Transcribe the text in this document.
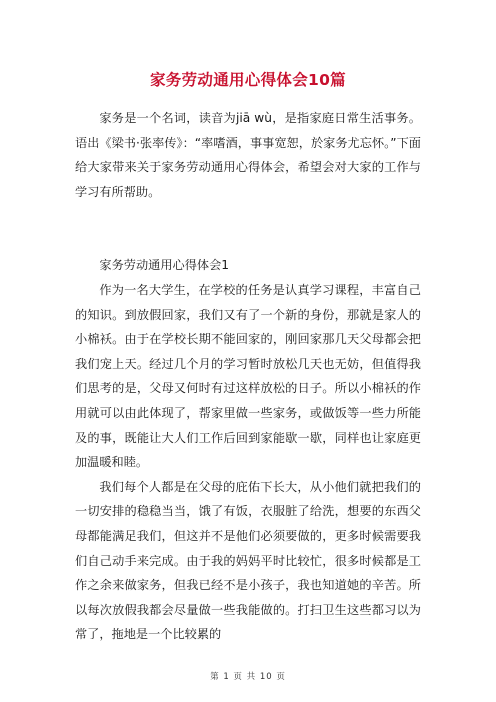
家务劳动通用心得体会10篇

家务是一个名词，读音为jiā wù，是指家庭日常生活事务。语出《梁书·张率传》：“率嗜酒，事事宽恕，於家务尤忘怀。”下面给大家带来关于家务劳动通用心得体会，希望会对大家的工作与学习有所帮助。

家务劳动通用心得体会1

作为一名大学生，在学校的任务是认真学习课程，丰富自己的知识。到放假回家，我们又有了一个新的身份，那就是家人的小棉袄。由于在学校长期不能回家的，刚回家那几天父母都会把我们宠上天。经过几个月的学习暂时放松几天也无妨，但值得我们思考的是，父母又何时有过这样放松的日子。所以小棉袄的作用就可以由此体现了，帮家里做一些家务，或做饭等一些力所能及的事，既能让大人们工作后回到家能歇一歇，同样也让家庭更加温暖和睦。

我们每个人都是在父母的庇佑下长大，从小他们就把我们的一切安排的稳稳当当，饿了有饭，衣服脏了给洗，想要的东西父母都能满足我们，但这并不是他们必须要做的，更多时候需要我们自己动手来完成。由于我的妈妈平时比较忙，很多时候都是工作之余来做家务，但我已经不是小孩子，我也知道她的辛苦。所以每次放假我都会尽量做一些我能做的。打扫卫生这些都习以为常了，拖地是一个比较累的

第 1 页 共 10 页
